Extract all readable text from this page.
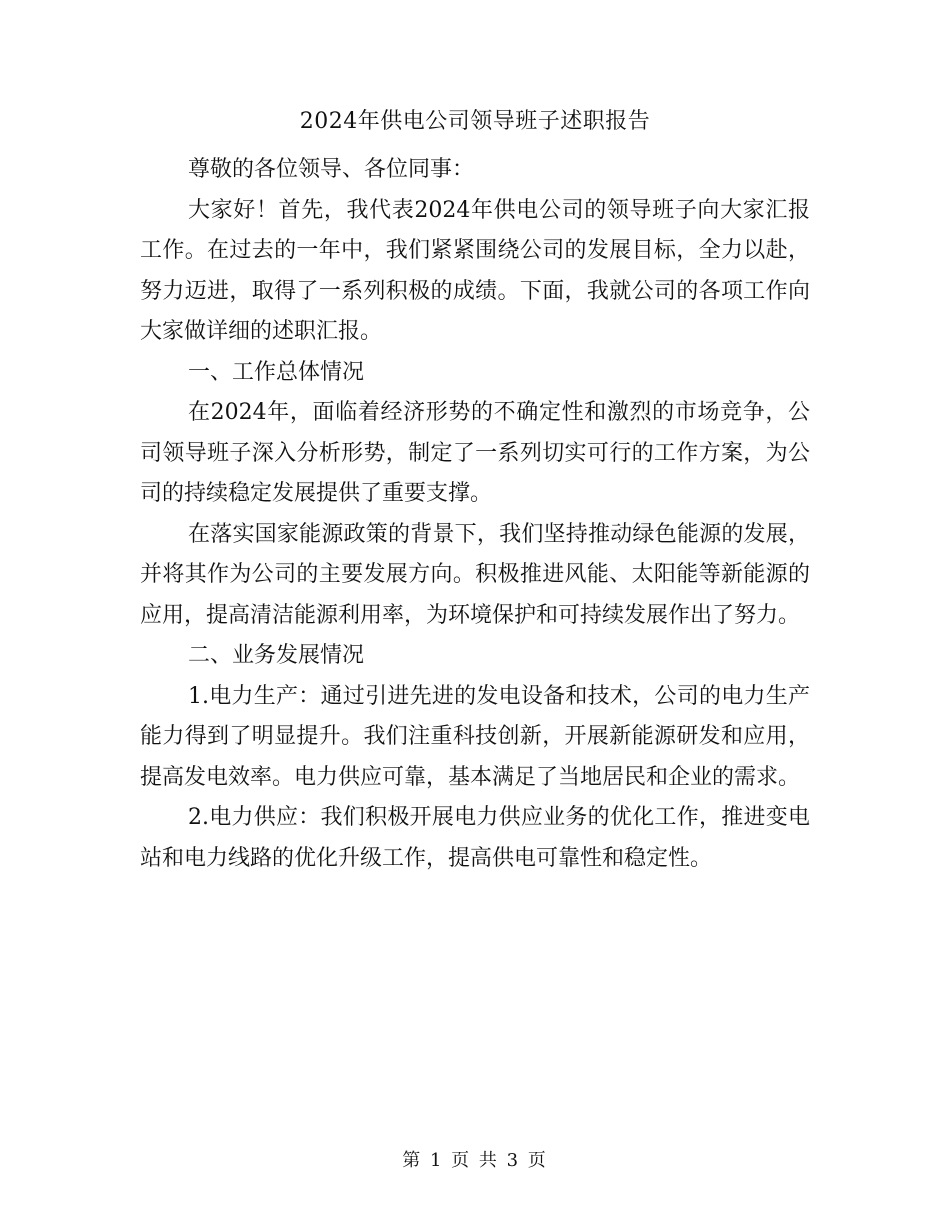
2024年供电公司领导班子述职报告

尊敬的各位领导、各位同事：

大家好！首先，我代表2024年供电公司的领导班子向大家汇报工作。在过去的一年中，我们紧紧围绕公司的发展目标，全力以赴，努力迈进，取得了一系列积极的成绩。下面，我就公司的各项工作向大家做详细的述职汇报。

一、工作总体情况

在2024年，面临着经济形势的不确定性和激烈的市场竞争，公司领导班子深入分析形势，制定了一系列切实可行的工作方案，为公司的持续稳定发展提供了重要支撑。

在落实国家能源政策的背景下，我们坚持推动绿色能源的发展，并将其作为公司的主要发展方向。积极推进风能、太阳能等新能源的应用，提高清洁能源利用率，为环境保护和可持续发展作出了努力。

二、业务发展情况

1.电力生产：通过引进先进的发电设备和技术，公司的电力生产能力得到了明显提升。我们注重科技创新，开展新能源研发和应用，提高发电效率。电力供应可靠，基本满足了当地居民和企业的需求。

2.电力供应：我们积极开展电力供应业务的优化工作，推进变电站和电力线路的优化升级工作，提高供电可靠性和稳定性。

第 1 页 共 3 页
